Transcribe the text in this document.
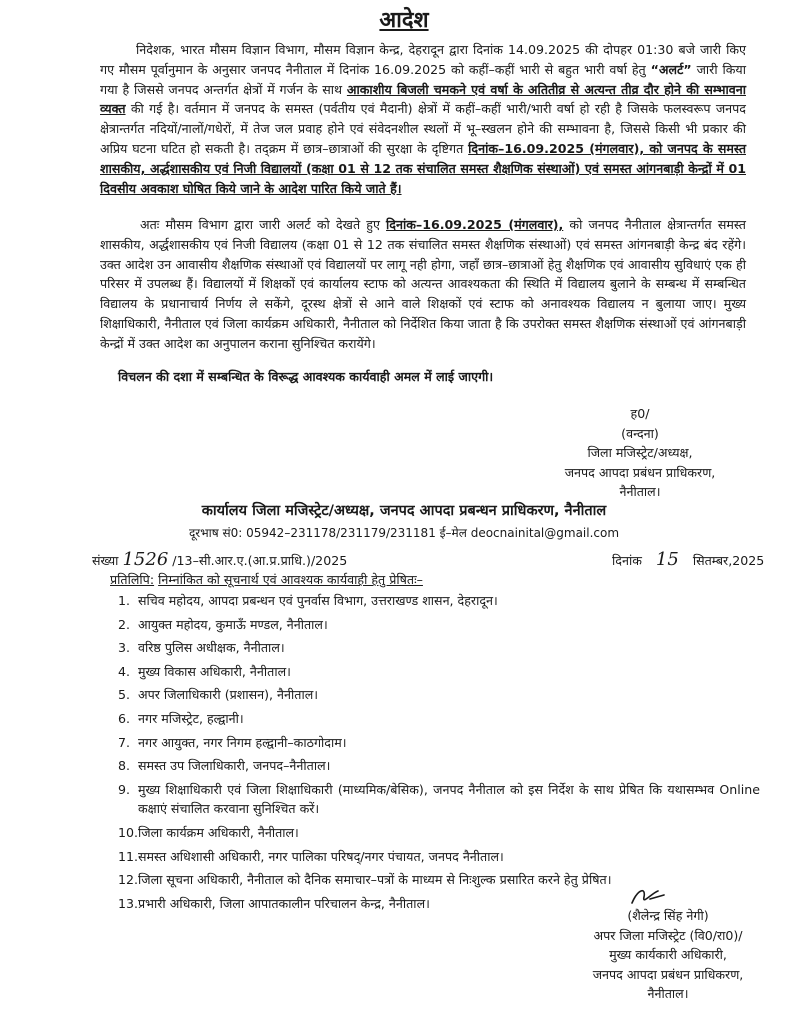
आदेश
निदेशक, भारत मौसम विज्ञान विभाग, मौसम विज्ञान केन्द्र, देहरादून द्वारा दिनांक 14.09.2025 की दोपहर 01:30 बजे जारी किए गए मौसम पूर्वानुमान के अनुसार जनपद नैनीताल में दिनांक 16.09.2025 को कहीं–कहीं भारी से बहुत भारी वर्षा हेतु “अलर्ट” जारी किया गया है जिससे जनपद अन्तर्गत क्षेत्रों में गर्जन के साथ आकाशीय बिजली चमकने एवं वर्षा के अतितीव्र से अत्यन्त तीव्र दौर होने की सम्भावना व्यक्त की गई है। वर्तमान में जनपद के समस्त (पर्वतीय एवं मैदानी) क्षेत्रों में कहीं–कहीं भारी/भारी वर्षा हो रही है जिसके फलस्वरूप जनपद क्षेत्रान्तर्गत नदियों/नालों/गधेरों, में तेज जल प्रवाह होने एवं संवेदनशील स्थलों में भू–स्खलन होने की सम्भावना है, जिससे किसी भी प्रकार की अप्रिय घटना घटित हो सकती है। तद्क्रम में छात्र–छात्राओं की सुरक्षा के दृष्टिगत दिनांक–16.09.2025 (मंगलवार), को जनपद के समस्त शासकीय, अर्द्धशासकीय एवं निजी विद्यालयों (कक्षा 01 से 12 तक संचालित समस्त शैक्षणिक संस्थाओं) एवं समस्त आंगनबाड़ी केन्द्रों में 01 दिवसीय अवकाश घोषित किये जाने के आदेश पारित किये जाते हैं।
अतः मौसम विभाग द्वारा जारी अलर्ट को देखते हुए दिनांक–16.09.2025 (मंगलवार), को जनपद नैनीताल क्षेत्रान्तर्गत समस्त शासकीय, अर्द्धशासकीय एवं निजी विद्यालय (कक्षा 01 से 12 तक संचालित समस्त शैक्षणिक संस्थाओं) एवं समस्त आंगनबाड़ी केन्द्र बंद रहेंगे। उक्त आदेश उन आवासीय शैक्षणिक संस्थाओं एवं विद्यालयों पर लागू नही होगा, जहाँ छात्र–छात्राओं हेतु शैक्षणिक एवं आवासीय सुविधाएं एक ही परिसर में उपलब्ध हैं। विद्यालयों में शिक्षकों एवं कार्यालय स्टाफ को अत्यन्त आवश्यकता की स्थिति में विद्यालय बुलाने के सम्बन्ध में सम्बन्धित विद्यालय के प्रधानाचार्य निर्णय ले सकेंगे, दूरस्थ क्षेत्रों से आने वाले शिक्षकों एवं स्टाफ को अनावश्यक विद्यालय न बुलाया जाए। मुख्य शिक्षाधिकारी, नैनीताल एवं जिला कार्यक्रम अधिकारी, नैनीताल को निर्देशित किया जाता है कि उपरोक्त समस्त शैक्षणिक संस्थाओं एवं आंगनबाड़ी केन्द्रों में उक्त आदेश का अनुपालन कराना सुनिश्चित करायेंगे।
विचलन की दशा में सम्बन्धित के विरूद्ध आवश्यक कार्यवाही अमल में लाई जाएगी।
ह0/
(वन्दना)
जिला मजिस्ट्रेट/अध्यक्ष,
जनपद आपदा प्रबंधन प्राधिकरण,
नैनीताल।
कार्यालय जिला मजिस्ट्रेट/अध्यक्ष, जनपद आपदा प्रबन्धन प्राधिकरण, नैनीताल
दूरभाष सं0: 05942–231178/231179/231181 ई–मेल deocnainital@gmail.com
संख्या 1526 /13–सी.आर.ए.(आ.प्र.प्राधि.)/2025	दिनांक 15 सितम्बर,2025
प्रतिलिपि: निम्नांकित को सूचनार्थ एवं आवश्यक कार्यवाही हेतु प्रेषितः–
1. सचिव महोदय, आपदा प्रबन्धन एवं पुनर्वास विभाग, उत्तराखण्ड शासन, देहरादून।
2. आयुक्त महोदय, कुमाऊँ मण्डल, नैनीताल।
3. वरिष्ठ पुलिस अधीक्षक, नैनीताल।
4. मुख्य विकास अधिकारी, नैनीताल।
5. अपर जिलाधिकारी (प्रशासन), नैनीताल।
6. नगर मजिस्ट्रेट, हल्द्वानी।
7. नगर आयुक्त, नगर निगम हल्द्वानी–काठगोदाम।
8. समस्त उप जिलाधिकारी, जनपद–नैनीताल।
9. मुख्य शिक्षाधिकारी एवं जिला शिक्षाधिकारी (माध्यमिक/बेसिक), जनपद नैनीताल को इस निर्देश के साथ प्रेषित कि यथासम्भव Online कक्षाएं संचालित करवाना सुनिश्चित करें।
10. जिला कार्यक्रम अधिकारी, नैनीताल।
11. समस्त अधिशासी अधिकारी, नगर पालिका परिषद्/नगर पंचायत, जनपद नैनीताल।
12. जिला सूचना अधिकारी, नैनीताल को दैनिक समाचार–पत्रों के माध्यम से निःशुल्क प्रसारित करने हेतु प्रेषित।
13. प्रभारी अधिकारी, जिला आपातकालीन परिचालन केन्द्र, नैनीताल।
(शैलेन्द्र सिंह नेगी)
अपर जिला मजिस्ट्रेट (वि0/रा0)/
मुख्य कार्यकारी अधिकारी,
जनपद आपदा प्रबंधन प्राधिकरण,
नैनीताल।
